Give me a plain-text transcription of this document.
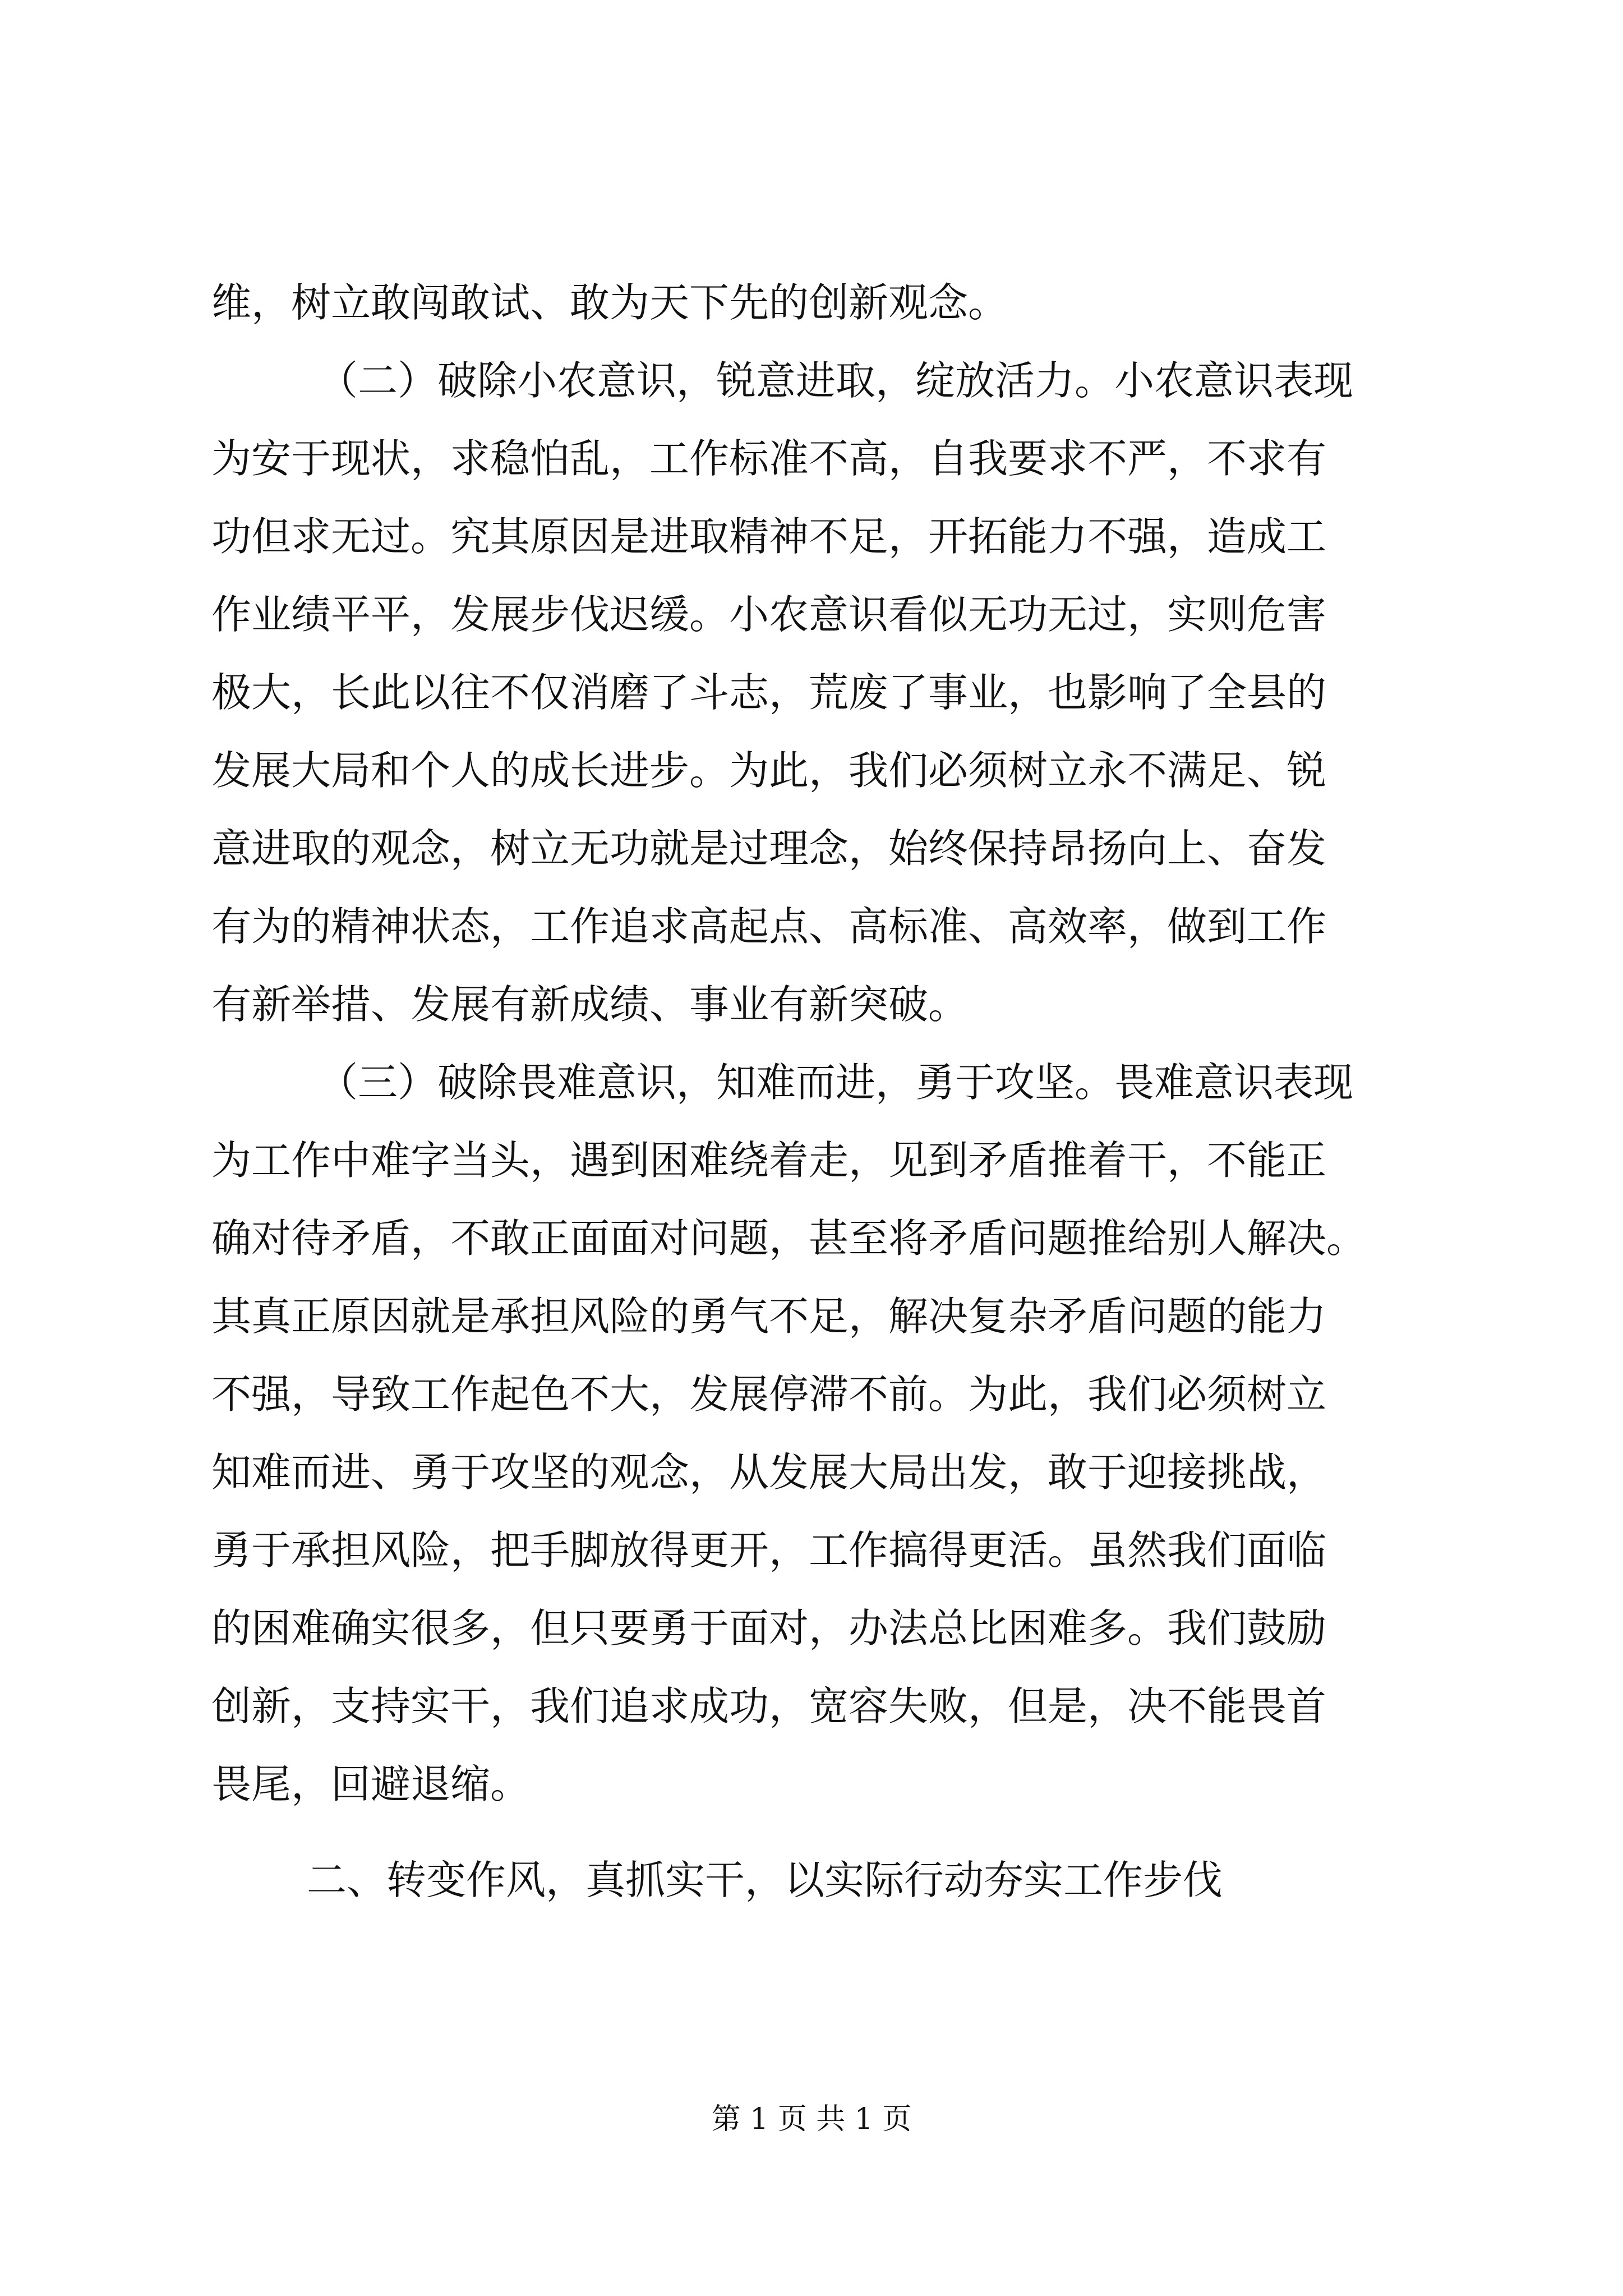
维，树立敢闯敢试、敢为天下先的创新观念。
（二）破除小农意识，锐意进取，绽放活力。小农意识表现
为安于现状，求稳怕乱，工作标准不高，自我要求不严，不求有
功但求无过。究其原因是进取精神不足，开拓能力不强，造成工
作业绩平平，发展步伐迟缓。小农意识看似无功无过，实则危害
极大，长此以往不仅消磨了斗志，荒废了事业，也影响了全县的
发展大局和个人的成长进步。为此，我们必须树立永不满足、锐
意进取的观念，树立无功就是过理念，始终保持昂扬向上、奋发
有为的精神状态，工作追求高起点、高标准、高效率，做到工作
有新举措、发展有新成绩、事业有新突破。
（三）破除畏难意识，知难而进，勇于攻坚。畏难意识表现
为工作中难字当头，遇到困难绕着走，见到矛盾推着干，不能正
确对待矛盾，不敢正面面对问题，甚至将矛盾问题推给别人解决。
其真正原因就是承担风险的勇气不足，解决复杂矛盾问题的能力
不强，导致工作起色不大，发展停滞不前。为此，我们必须树立
知难而进、勇于攻坚的观念，从发展大局出发，敢于迎接挑战，
勇于承担风险，把手脚放得更开，工作搞得更活。虽然我们面临
的困难确实很多，但只要勇于面对，办法总比困难多。我们鼓励
创新，支持实干，我们追求成功，宽容失败，但是，决不能畏首
畏尾，回避退缩。
二、转变作风，真抓实干，以实际行动夯实工作步伐
第 1 页 共 1 页
